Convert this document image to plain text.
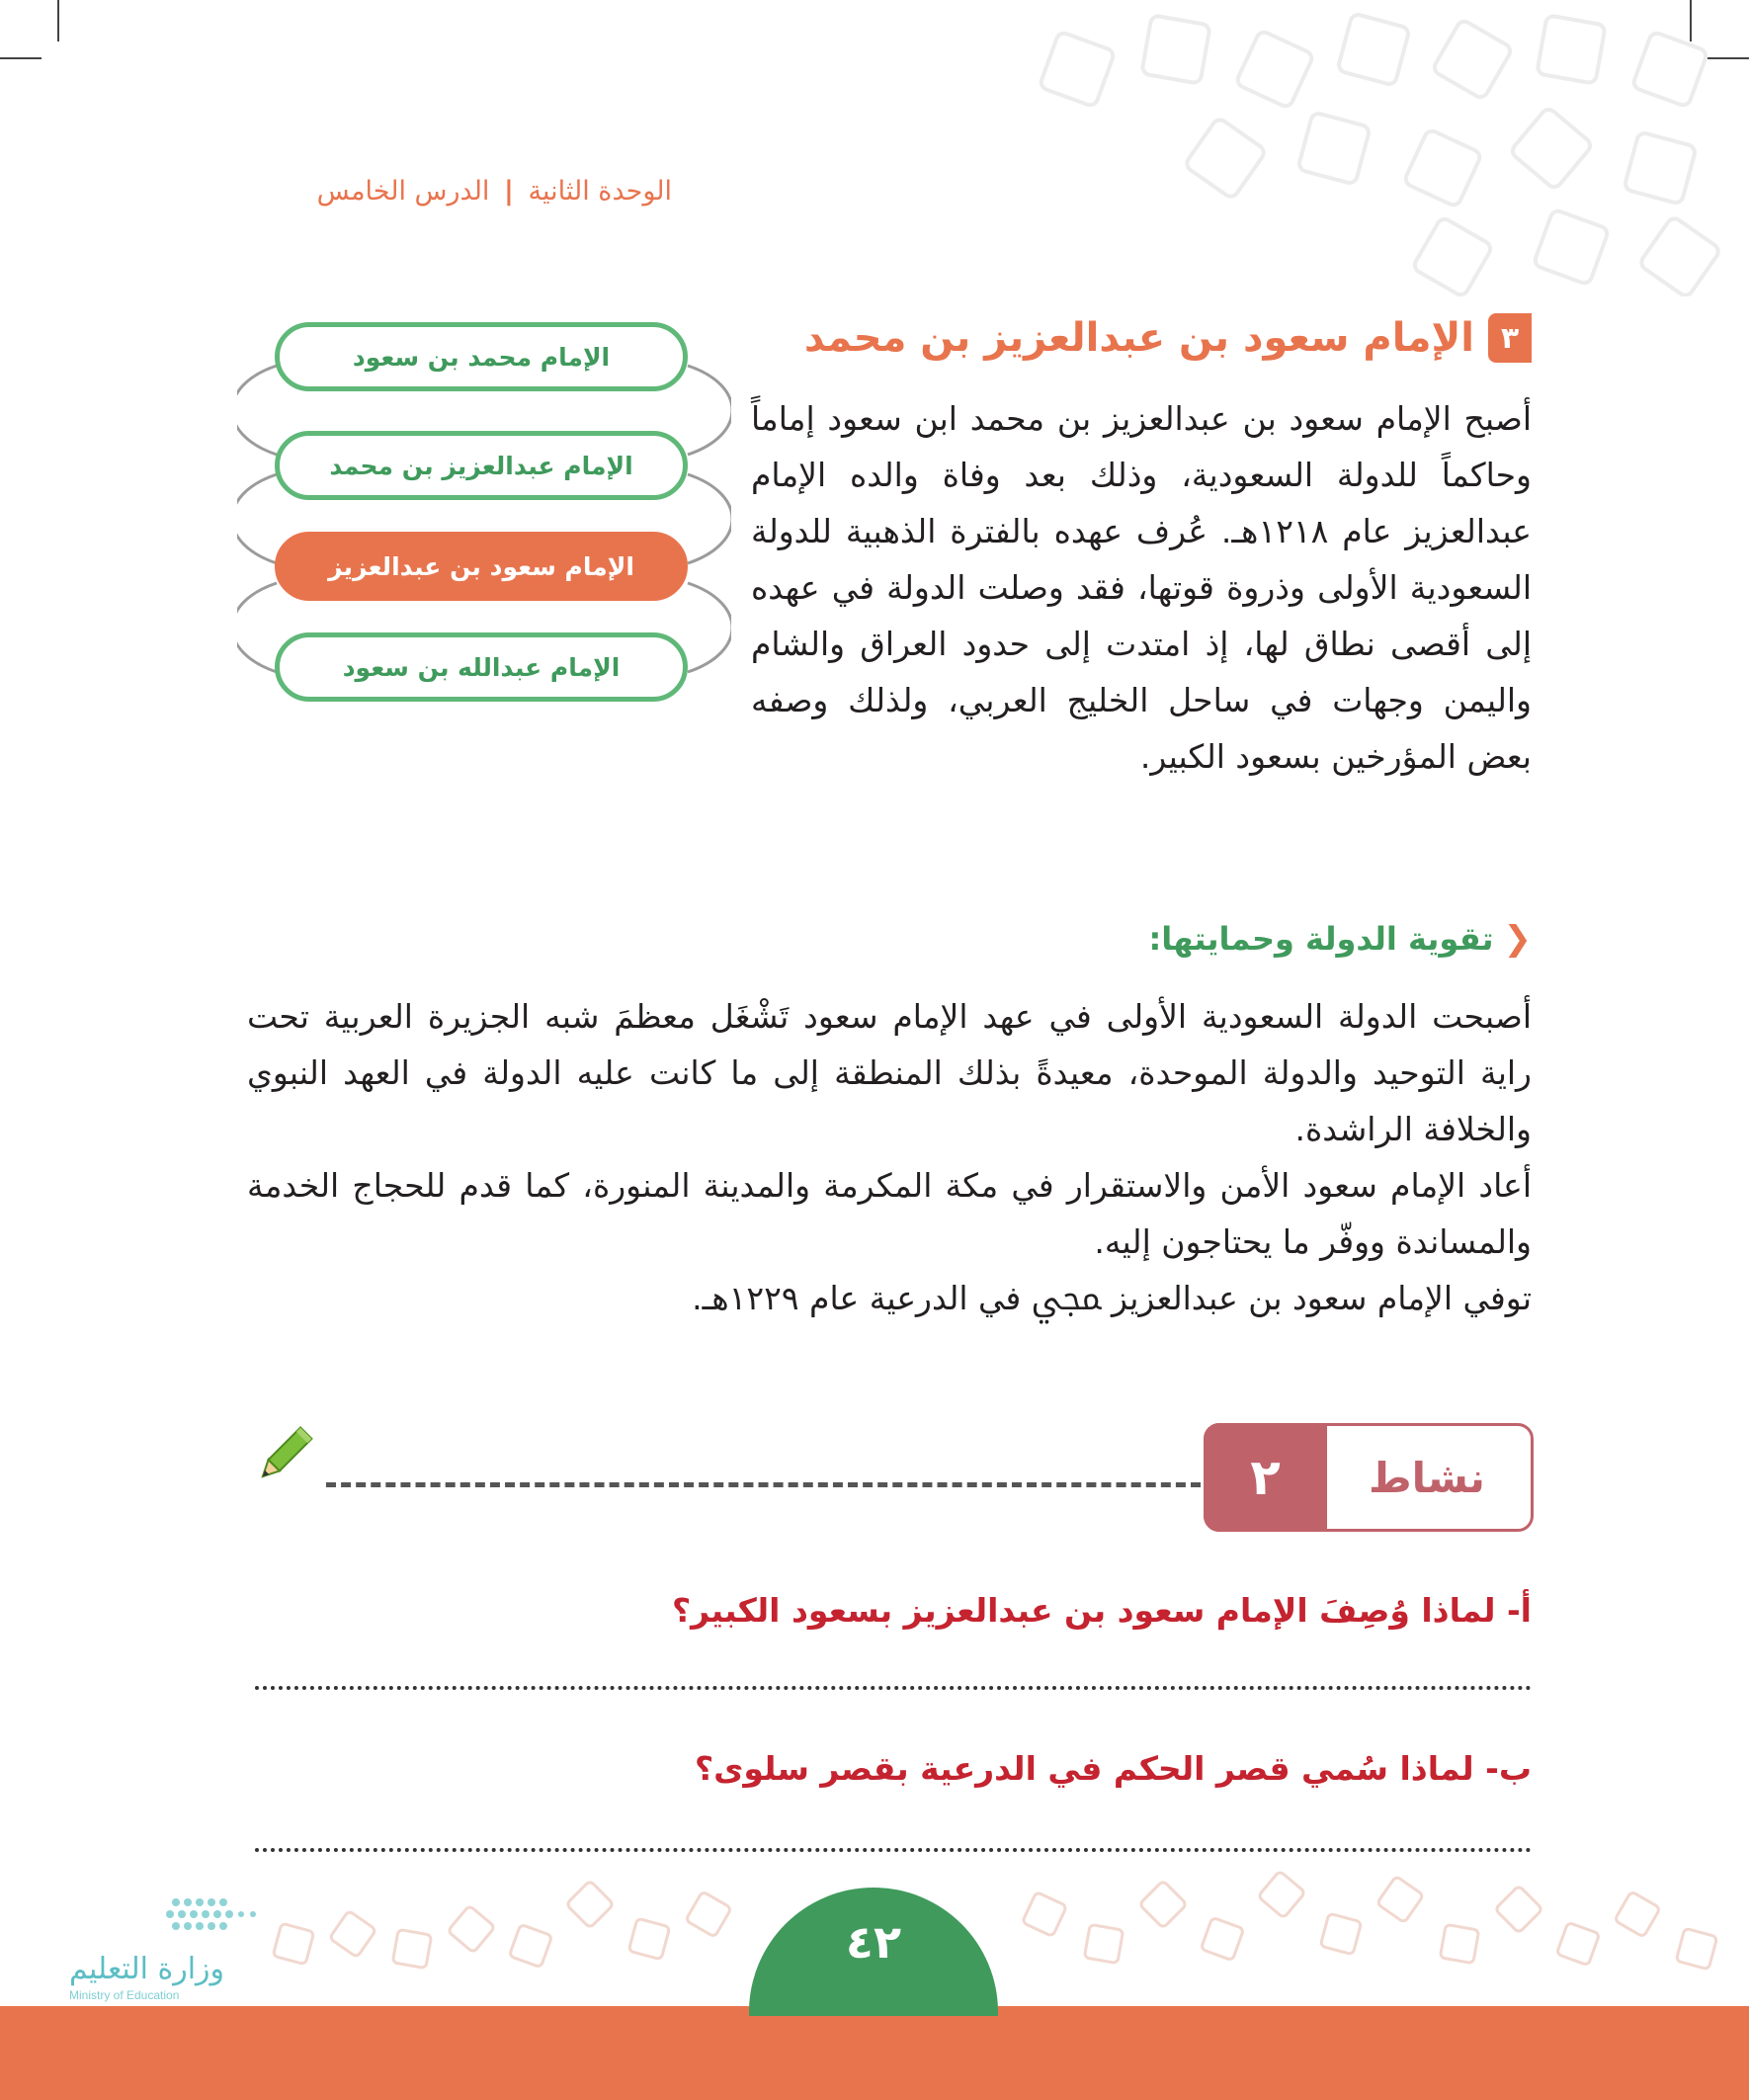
الوحدة الثانية | الدرس الخامس
٣
الإمام سعود بن عبدالعزيز بن محمد

أصبح الإمام سعود بن عبدالعزيز بن محمد ابن سعود إماماً وحاكماً للدولة السعودية، وذلك بعد وفاة والده الإمام عبدالعزيز عام ١٢١٨هـ. عُرف عهده بالفترة الذهبية للدولة السعودية الأولى وذروة قوتها، فقد وصلت الدولة في عهده إلى أقصى نطاق لها، إذ امتدت إلى حدود العراق والشام واليمن وجهات في ساحل الخليج العربي، ولذلك وصفه بعض المؤرخين بسعود الكبير.

الإمام محمد بن سعود
الإمام عبدالعزيز بن محمد
الإمام سعود بن عبدالعزيز
الإمام عبدالله بن سعود
❮
تقوية الدولة وحمايتها:

أصبحت الدولة السعودية الأولى في عهد الإمام سعود تَشْغَل معظمَ شبه الجزيرة العربية تحت راية التوحيد والدولة الموحدة، معيدةً بذلك المنطقة إلى ما كانت عليه الدولة في العهد النبوي والخلافة الراشدة.

أعاد الإمام سعود الأمن والاستقرار في مكة المكرمة والمدينة المنورة، كما قدم للحجاج الخدمة والمساندة ووفّر ما يحتاجون إليه.

توفي الإمام سعود بن عبدالعزيز ﷀ في الدرعية عام ١٢٢٩هـ.

نشاط
٢
أ- لماذا وُصِفَ الإمام سعود بن عبدالعزيز بسعود الكبير؟
ب- لماذا سُمي قصر الحكم في الدرعية بقصر سلوى؟
وزارة التعليم
Ministry of Education
٤٢
